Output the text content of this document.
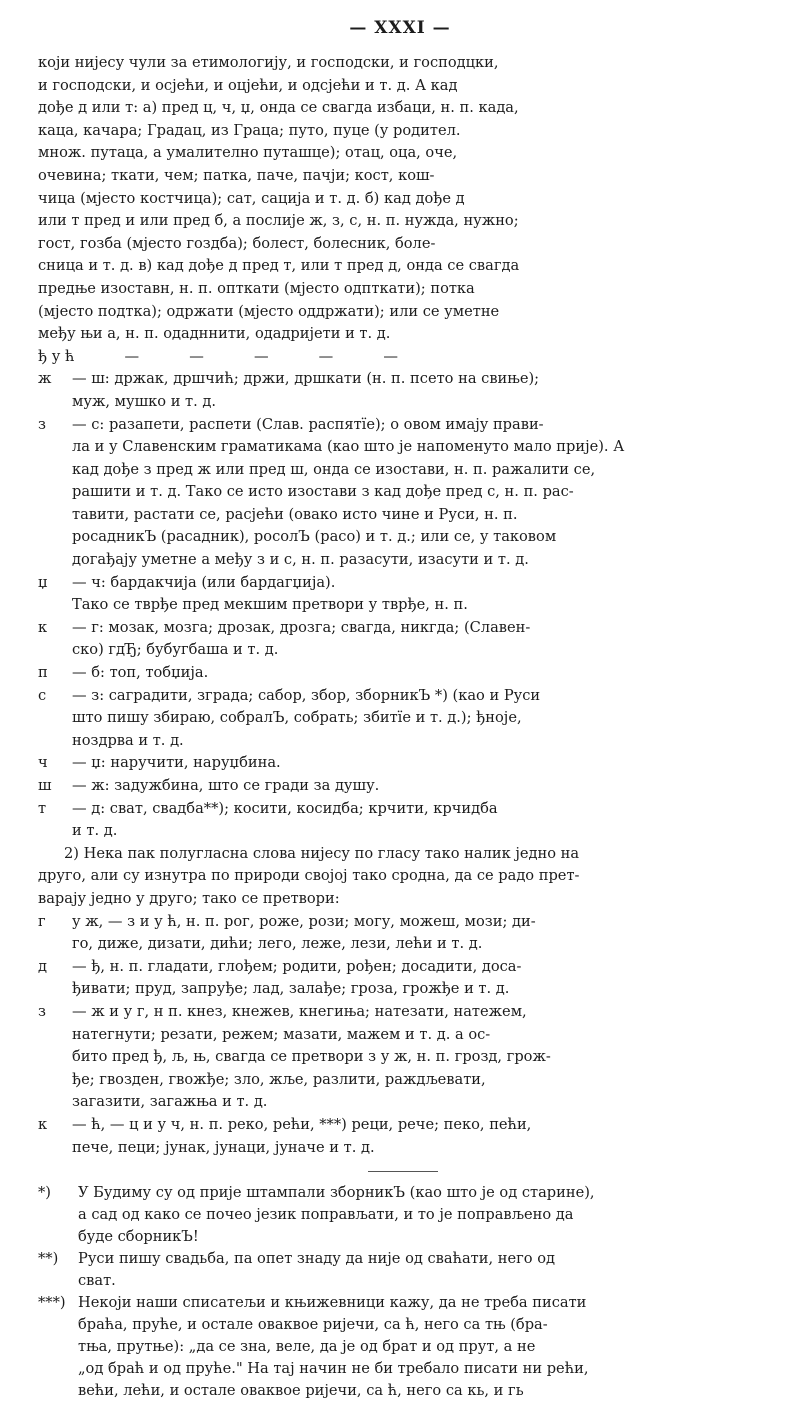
— XXXI —

који нијесу чули за етимологију, и господски, и господцки,

и господски, и осјећи, и оцјећи, и одсјећи и т. д. А кад

дође д или т: а) пред ц, ч, џ, онда се свагда избаци, н. п. када,

каца, качара; Градац, из Граца; путо, пуце (у родител.

множ. путаца, а умалително путашце); отац, оца, оче,

очевина; ткати, чем; патка, паче, пачји; кост, кош-

чица (мјесто костчица); сат, сација и т. д. б) кад дође д

или т пред и или пред б, а послије ж, з, с, н. п. нужда, нужно;

гост, гозба (мјесто гоздба); болест, болесник, боле-

сница и т. д. в) кад дође д пред т, или т пред д, онда се свагда

предње изоставн, н. п. опткати (мјесто одпткати); потка

(мјесто подтка); одржати (мјесто оддржати); или се уметне

међу њи а, н. п. одадннити, одадријети и т. д.

ђ у ћ	—	—	—	—	—
ж	— ш: држак, дршчић; држи, дршкати (н. п. псето на свиње);

муж, мушко и т. д.

з	— с: разапети, распети (Слав. распятїе); о овом имају прави-

ла и у Славенским граматикама (као што је напоменуто мало прије). А

кад дође з пред ж или пред ш, онда се изостави, н. п. ражалити се,

рашити и т. д. Тако се исто изостави з кад дође пред с, н. п. рас-

тавити, растати се, расјећи (овако исто чине и Руси, н. п.

росадникЪ (расадник), росолЪ (расо) и т. д.; или се, у таковом

догађају уметне а међу з и с, н. п. разасути, изасути и т. д.

џ	— ч: бардакчија (или бардагџија).

Тако се тврђе пред мекшим претвори у тврђе, н. п.

к	— г: мозак, мозга; дрозак, дрозга; свагда, никгда; (Славен-

ско) гдЂ; бубугбаша и т. д.

п	— б: топ, тобџија.

с	— з: саградити, зграда; сабор, збор, зборникЪ *) (као и Руси

што пишу збираю, собралЪ, собрать; збитїе и т. д.); ђноје,

ноздрва и т. д.

ч	— џ: наручити, наруџбина.

ш	— ж: задужбина, што се гради за душу.

т	— д: сват, свадба**); косити, косидба; крчити, крчидба

и т. д.

2) Нека пак полугласна слова нијесу по гласу тако налик једно на

друго, али су изнутра по природи својој тако сродна, да се радо прет-

варају једно у друго; тако се претвори:

г	у ж, — з и у ћ, н. п. рог, роже, рози; могу, можеш, мози; ди-

го, диже, дизати, дићи; лего, леже, лези, лећи и т. д.

д	— ђ, н. п. гладати, глођем; родити, рођен; досадити, доса-

ђивати; пруд, запруђе; лад, залађе; гроза, грожђе и т. д.

з	— ж и у г, н п. кнез, кнежев, кнегиња; натезати, натежем,

натегнути; резати, режем; мазати, мажем и т. д. а ос-

бито пред ђ, љ, њ, свагда се претвори з у ж, н. п. грозд, грож-

ђе; гвозден, гвожђе; зло, жље, разлити, раждљевати,

загазити, загажња и т. д.

к	— ћ, — ц и у ч, н. п. реко, рећи, ***) реци, рече; пеко, пећи,

пече, пеци; јунак, јунаци, јуначе и т. д.

*)	У Будиму су од прије штампали зборникЪ (као што је од старине),

а сад од како се почео језик поправљати, и то је поправљено да

буде сборникЪ!

**)	Руси пишу свадьба, па опет знаду да није од сваћати, него од

сват.

***) Некоји наши списатељи и књижевници кажу, да не треба писати

браћа, пруће, и остале оваквое ријечи, са ћ, него са тњ (бра-

тња, прутње): „да се зна, веле, да је од брат и од прут, а не

„од браћ и од пруће." На тај начин не би требало писати ни рећи,

већи, лећи, и остале оваквое ријечи, са ћ, него са кь, и гь
